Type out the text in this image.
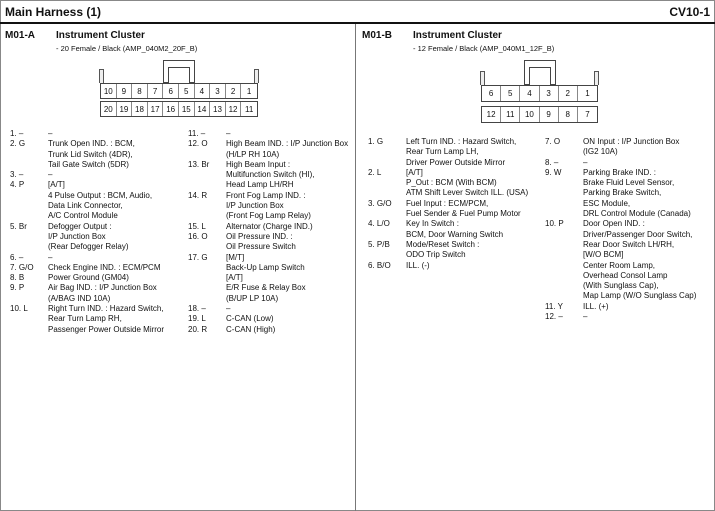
Main Harness (1)	CV10-1
M01-A Instrument Cluster
- 20 Female / Black (AMP_040M2_20F_B)
10	9	8	7	6	5	4	3	2	1
20 19 18 17 16 15 14 13 12 11
1. –	–
2. G	Trunk Open IND. : BCM,
Trunk Lid Switch (4DR),
Tail Gate Switch (5DR)
3. –	–
4. P	[A/T]
4 Pulse Output : BCM, Audio,
Data Link Connector,
A/C Control Module
5. Br	Defogger Output :
I/P Junction Box
(Rear Defogger Relay)
6. –	–
7. G/O	Check Engine IND. : ECM/PCM
8. B	Power Ground (GM04)
9. P	Air Bag IND. : I/P Junction Box
(A/BAG IND 10A)
10. L	Right Turn IND. : Hazard Switch,
Rear Turn Lamp RH,
Passenger Power Outside Mirror
11. –	–
12. O	High Beam IND. : I/P Junction Box
(H/LP RH 10A)
13. Br	High Beam Input :
Multifunction Switch (HI),
Head Lamp LH/RH
14. R	Front Fog Lamp IND. :
I/P Junction Box
(Front Fog Lamp Relay)
15. L	Alternator (Charge IND.)
16. O	Oil Pressure IND. :
Oil Pressure Switch
17. G	[M/T]
Back-Up Lamp Switch
[A/T]
E/R Fuse & Relay Box
(B/UP LP 10A)
18. –	–
19. L	C-CAN (Low)
20. R	C-CAN (High)
M01-B Instrument Cluster
- 12 Female / Black (AMP_040M1_12F_B)
6	5	4	3	2	1
12	11	10	9	8	7
1. G	Left Turn IND. : Hazard Switch,
Rear Turn Lamp LH,
Driver Power Outside Mirror
2. L	[A/T]
P_Out : BCM (With BCM)
ATM Shift Lever Switch ILL. (USA)
3. G/O	Fuel Input : ECM/PCM,
Fuel Sender & Fuel Pump Motor
4. L/O	Key In Switch :
BCM, Door Warning Switch
5. P/B	Mode/Reset Switch :
ODO Trip Switch
6. B/O	ILL. (-)
7. O	ON Input : I/P Junction Box
(IG2 10A)
8. –	–
9. W	Parking Brake IND. :
Brake Fluid Level Sensor,
Parking Brake Switch,
ESC Module,
DRL Control Module (Canada)
10. P	Door Open IND. :
Driver/Passenger Door Switch,
Rear Door Switch LH/RH,
[W/O BCM]
Center Room Lamp,
Overhead Consol Lamp
(With Sunglass Cap),
Map Lamp (W/O Sunglass Cap)
11. Y	ILL. (+)
12. –	–
